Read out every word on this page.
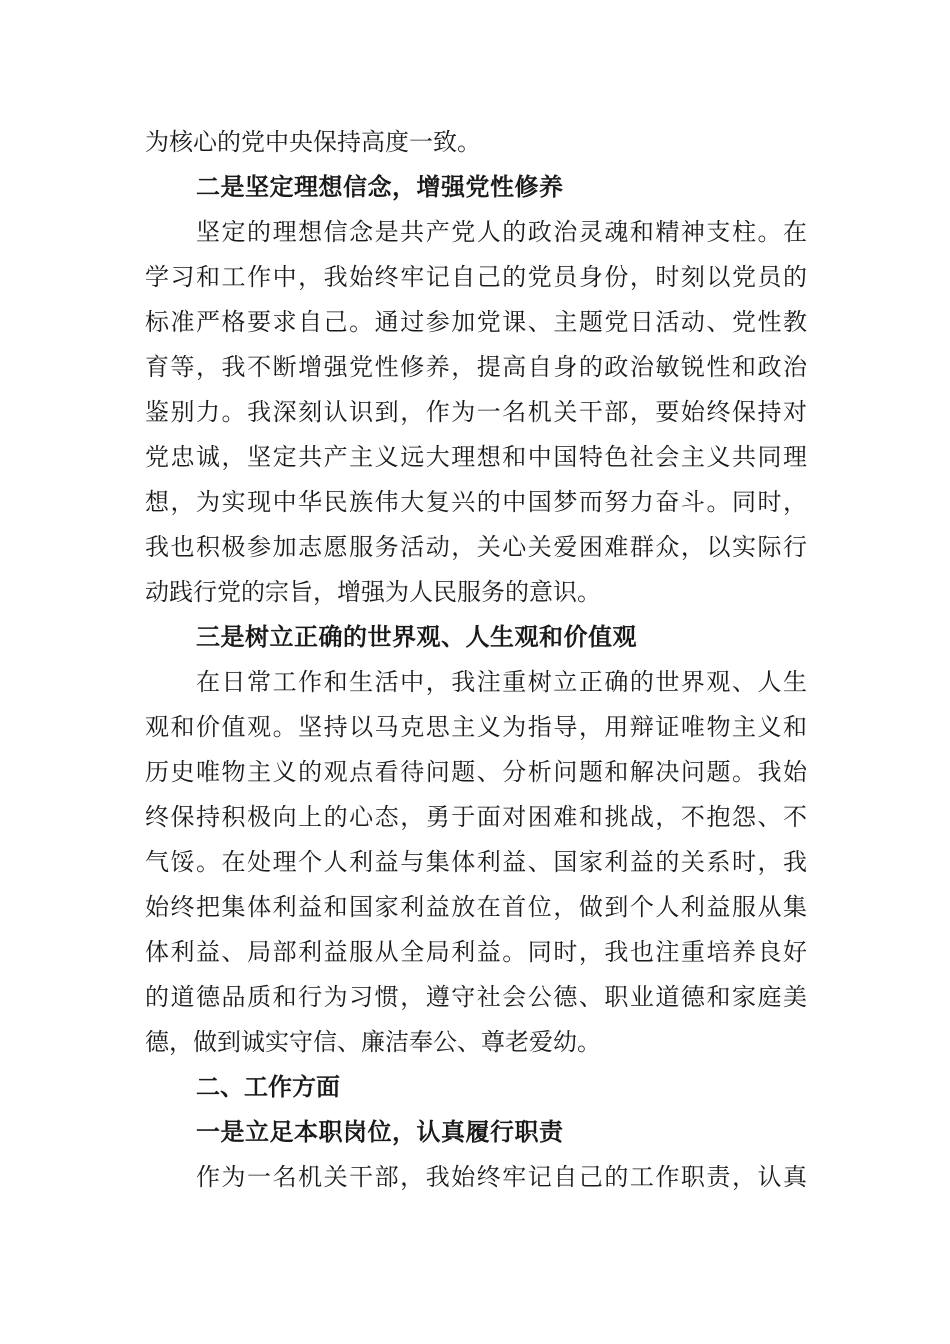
为核心的党中央保持高度一致。
二是坚定理想信念，增强党性修养
坚定的理想信念是共产党人的政治灵魂和精神支柱。在
学习和工作中，我始终牢记自己的党员身份，时刻以党员的
标准严格要求自己。通过参加党课、主题党日活动、党性教
育等，我不断增强党性修养，提高自身的政治敏锐性和政治
鉴别力。我深刻认识到，作为一名机关干部，要始终保持对
党忠诚，坚定共产主义远大理想和中国特色社会主义共同理
想，为实现中华民族伟大复兴的中国梦而努力奋斗。同时，
我也积极参加志愿服务活动，关心关爱困难群众，以实际行
动践行党的宗旨，增强为人民服务的意识。
三是树立正确的世界观、人生观和价值观
在日常工作和生活中，我注重树立正确的世界观、人生
观和价值观。坚持以马克思主义为指导，用辩证唯物主义和
历史唯物主义的观点看待问题、分析问题和解决问题。我始
终保持积极向上的心态，勇于面对困难和挑战，不抱怨、不
气馁。在处理个人利益与集体利益、国家利益的关系时，我
始终把集体利益和国家利益放在首位，做到个人利益服从集
体利益、局部利益服从全局利益。同时，我也注重培养良好
的道德品质和行为习惯，遵守社会公德、职业道德和家庭美
德，做到诚实守信、廉洁奉公、尊老爱幼。
二、工作方面
一是立足本职岗位，认真履行职责
作为一名机关干部，我始终牢记自己的工作职责，认真
